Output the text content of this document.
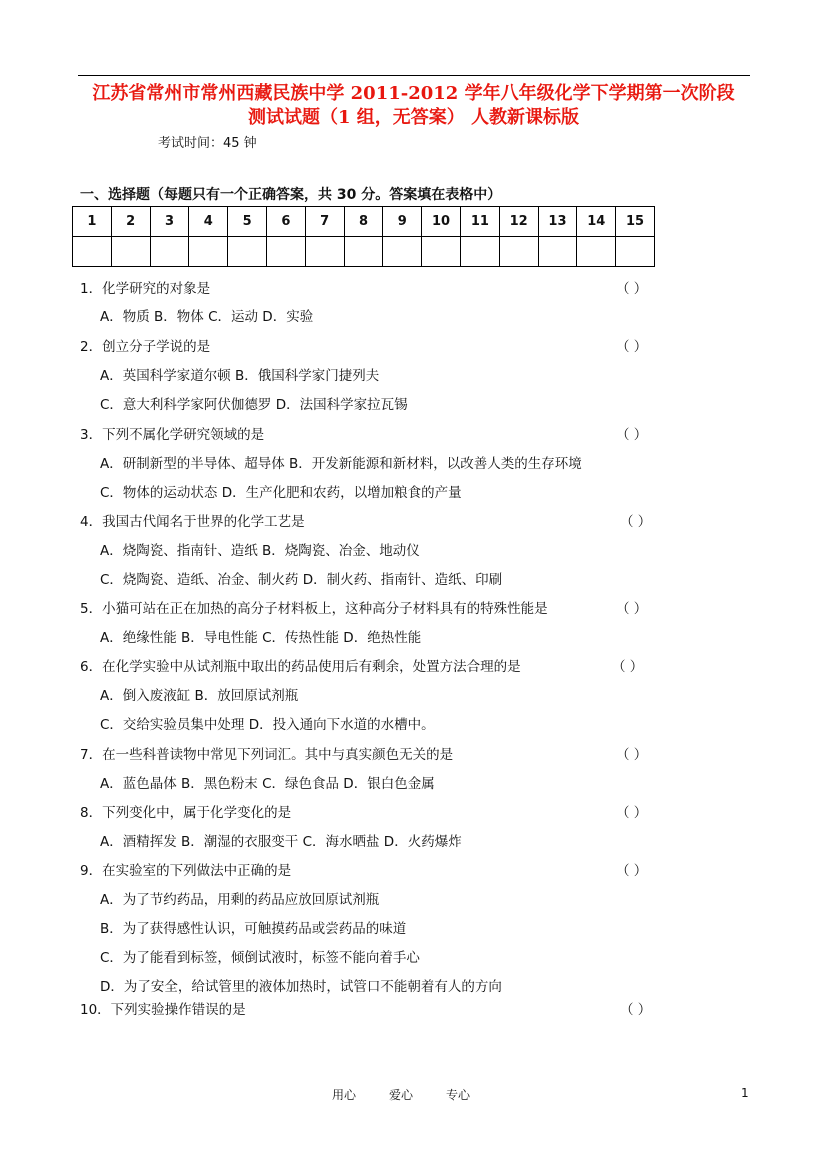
江苏省常州市常州西藏民族中学 2011-2012 学年八年级化学下学期第一次阶段
测试试题（1 组，无答案） 人教新课标版
考试时间：45 钟
一、选择题（每题只有一个正确答案，共 30 分。答案填在表格中）
1	2	3	4	5	6	7	8	9	10	11	12	13	14	15

1．化学研究的对象是	（ ）
A．物质 B．物体 C．运动 D．实验
2．创立分子学说的是	（ ）
A．英国科学家道尔顿 B．俄国科学家门捷列夫
C．意大利科学家阿伏伽德罗 D．法国科学家拉瓦锡
3．下列不属化学研究领域的是	（ ）
A．研制新型的半导体、超导体 B．开发新能源和新材料，以改善人类的生存环境
C．物体的运动状态 D．生产化肥和农药，以增加粮食的产量
4．我国古代闻名于世界的化学工艺是	（ ）
A．烧陶瓷、指南针、造纸 B．烧陶瓷、冶金、地动仪
C．烧陶瓷、造纸、冶金、制火药 D．制火药、指南针、造纸、印刷
5．小猫可站在正在加热的高分子材料板上，这种高分子材料具有的特殊性能是	（ ）
A．绝缘性能 B．导电性能 C．传热性能 D．绝热性能
6．在化学实验中从试剂瓶中取出的药品使用后有剩余，处置方法合理的是	（ ）
A．倒入废液缸 B．放回原试剂瓶
C．交给实验员集中处理 D．投入通向下水道的水槽中。
7．在一些科普读物中常见下列词汇。其中与真实颜色无关的是	（ ）
A．蓝色晶体 B．黑色粉末 C．绿色食品 D．银白色金属
8．下列变化中，属于化学变化的是	（ ）
A．酒精挥发 B．潮湿的衣服变干 C．海水晒盐 D．火药爆炸
9．在实验室的下列做法中正确的是	（ ）
A．为了节约药品，用剩的药品应放回原试剂瓶
B．为了获得感性认识，可触摸药品或尝药品的味道
C．为了能看到标签，倾倒试液时，标签不能向着手心
D．为了安全，给试管里的液体加热时，试管口不能朝着有人的方向
10．下列实验操作错误的是	（ ）
用心	爱心	专心	1
